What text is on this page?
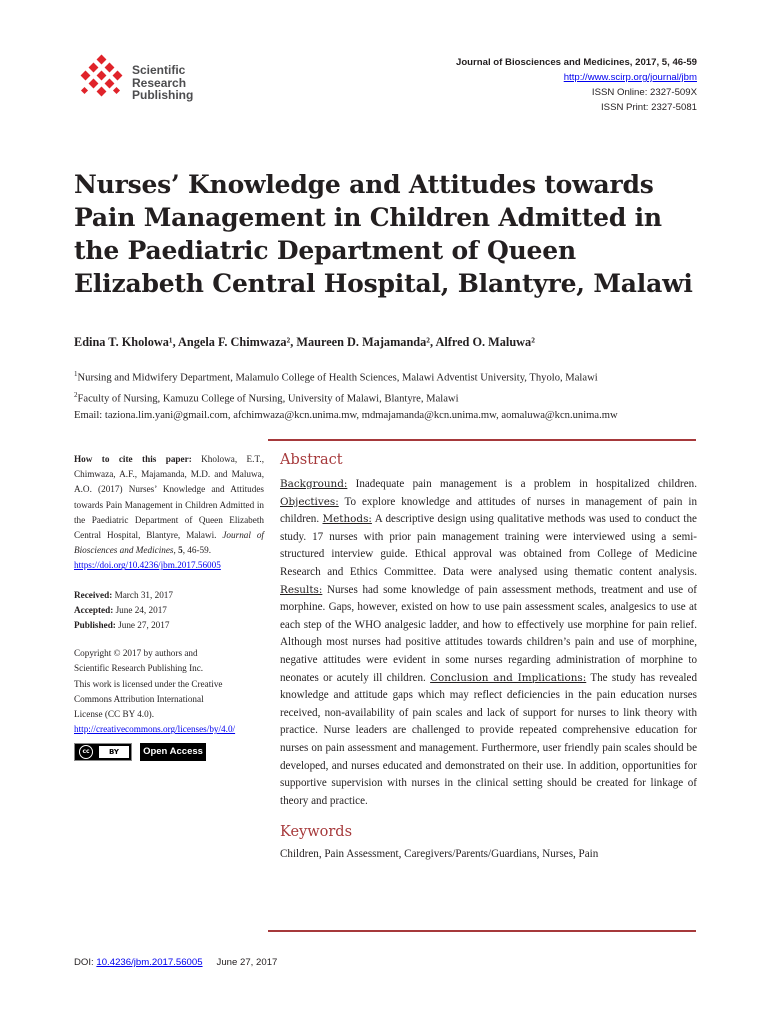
Scientific
Research
Publishing
Journal of Biosciences and Medicines, 2017, 5, 46-59
http://www.scirp.org/journal/jbm
ISSN Online: 2327-509X
ISSN Print: 2327-5081
Nurses’ Knowledge and Attitudes towards Pain Management in Children Admitted in the Paediatric Department of Queen Elizabeth Central Hospital, Blantyre, Malawi
Edina T. Kholowa¹, Angela F. Chimwaza², Maureen D. Majamanda², Alfred O. Maluwa²
$^1$Nursing and Midwifery Department, Malamulo College of Health Sciences, Malawi Adventist University, Thyolo, Malawi
$^2$Faculty of Nursing, Kamuzu College of Nursing, University of Malawi, Blantyre, Malawi
Email: taziona.lim.yani@gmail.com, afchimwaza@kcn.unima.mw, mdmajamanda@kcn.unima.mw, aomaluwa@kcn.unima.mw

How to cite this paper: Kholowa, E.T., Chimwaza, A.F., Majamanda, M.D. and Maluwa, A.O. (2017) Nurses’ Knowledge and Attitudes towards Pain Management in Children Admitted in the Paediatric Department of Queen Elizabeth Central Hospital, Blantyre, Malawi. Journal of Biosciences and Medicines, 5, 46-59.
https://doi.org/10.4236/jbm.2017.56005

Received: March 31, 2017

Accepted: June 24, 2017

Published: June 27, 2017

Copyright © 2017 by authors and

Scientific Research Publishing Inc.

This work is licensed under the Creative

Commons Attribution International

License (CC BY 4.0).

http://creativecommons.org/licenses/by/4.0/

cc	BY	Open Access
Abstract

Background: Inadequate pain management is a problem in hospitalized children. Objectives: To explore knowledge and attitudes of nurses in management of pain in children. Methods: A descriptive design using qualitative methods was used to conduct the study. 17 nurses with prior pain management training were interviewed using a semi-structured interview guide. Ethical approval was obtained from College of Medicine Research and Ethics Committee. Data were analysed using thematic content analysis. Results: Nurses had some knowledge of pain assessment methods, treatment and use of morphine. Gaps, however, existed on how to use pain assessment scales, analgesics to use at each step of the WHO analgesic ladder, and how to effectively use morphine for pain relief. Although most nurses had positive attitudes towards children’s pain and use of morphine, negative attitudes were evident in some nurses regarding administration of morphine to neonates or acutely ill children. Conclusion and Implications: The study has revealed knowledge and attitude gaps which may reflect deficiencies in the pain education nurses received, non-availability of pain scales and lack of support for nurses to link theory with practice. Nurse leaders are challenged to provide repeated comprehensive education for nurses on pain assessment and management. Furthermore, user friendly pain scales should be developed, and nurses educated and demonstrated on their use. In addition, opportunities for supportive supervision with nurses in the clinical setting should be created for linkage of theory and practice.

Keywords

Children, Pain Assessment, Caregivers/Parents/Guardians, Nurses, Pain

DOI: 10.4236/jbm.2017.56005 June 27, 2017
